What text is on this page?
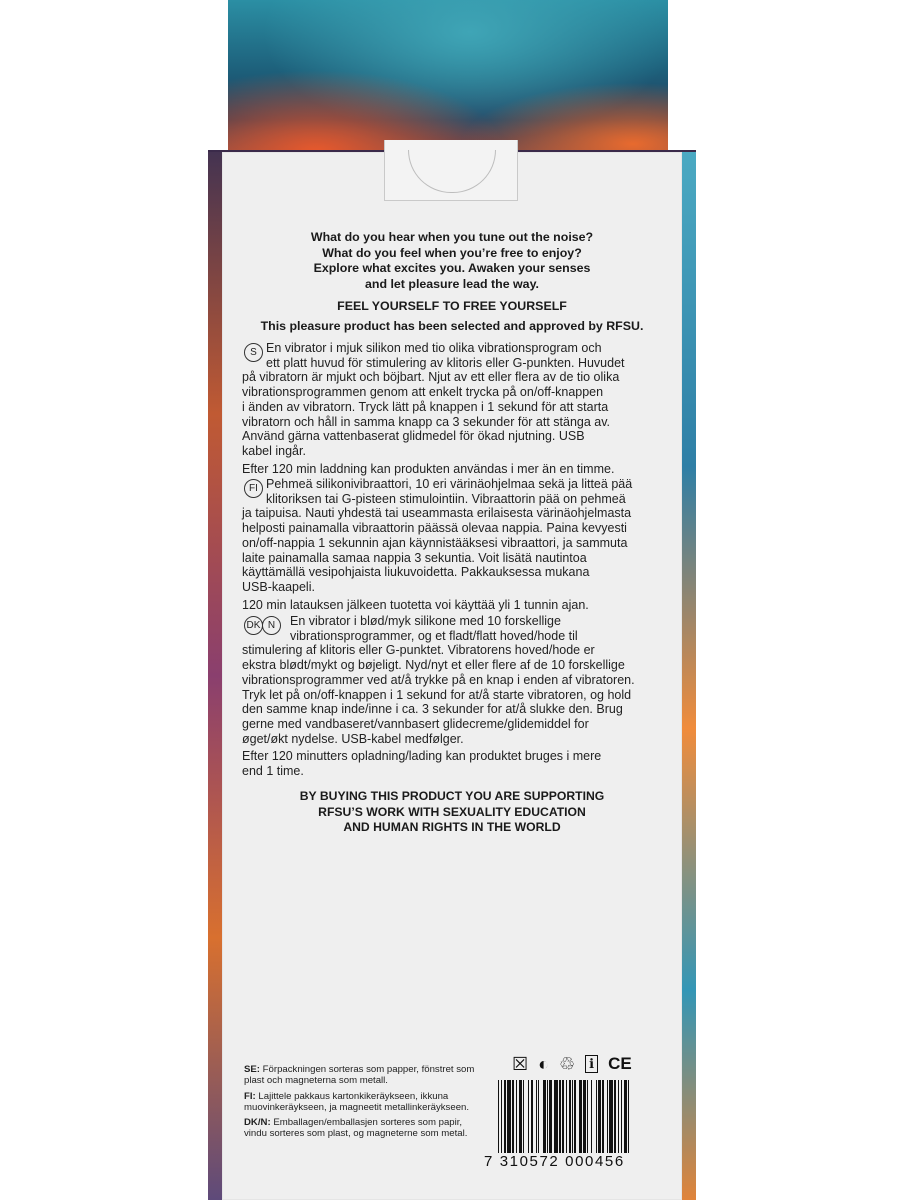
What do you hear when you tune out the noise?
What do you feel when you’re free to enjoy?
Explore what excites you. Awaken your senses
and let pleasure lead the way.
FEEL YOURSELF TO FREE YOURSELF
This pleasure product has been selected and approved by RFSU.
S En vibrator i mjuk silikon med tio olika vibrationsprogram och
ett platt huvud för stimulering av klitoris eller G-punkten. Huvudet
på vibratorn är mjukt och böjbart. Njut av ett eller flera av de tio olika
vibrationsprogrammen genom att enkelt trycka på on/off-knappen
i änden av vibratorn. Tryck lätt på knappen i 1 sekund för att starta
vibratorn och håll in samma knapp ca 3 sekunder för att stänga av.
Använd gärna vattenbaserat glidmedel för ökad njutning. USB
kabel ingår.
Efter 120 min laddning kan produkten användas i mer än en timme.
FI Pehmeä silikonivibraattori, 10 eri värinäohjelmaa sekä ja litteä pää
klitoriksen tai G-pisteen stimulointiin. Vibraattorin pää on pehmeä
ja taipuisa. Nauti yhdestä tai useammasta erilaisesta värinäohjelmasta
helposti painamalla vibraattorin päässä olevaa nappia. Paina kevyesti
on/off-nappia 1 sekunnin ajan käynnistääksesi vibraattori, ja sammuta
laite painamalla samaa nappia 3 sekuntia. Voit lisätä nautintoa
käyttämällä vesipohjaista liukuvoidetta. Pakkauksessa mukana
USB-kaapeli.
120 min latauksen jälkeen tuotetta voi käyttää yli 1 tunnin ajan.
DK N	En vibrator i blød/myk silikone med 10 forskellige
vibrationsprogrammer, og et fladt/flatt hoved/hode til
stimulering af klitoris eller G-punktet. Vibratorens hoved/hode er
ekstra blødt/mykt og bøjeligt. Nyd/nyt et eller flere af de 10 forskellige
vibrationsprogrammer ved at/å trykke på en knap i enden af vibratoren.
Tryk let på on/off-knappen i 1 sekund for at/å starte vibratoren, og hold
den samme knap inde/inne i ca. 3 sekunder for at/å slukke den. Brug
gerne med vandbaseret/vannbasert glidecreme/glidemiddel for
øget/økt nydelse. USB-kabel medfølger.
Efter 120 minutters opladning/lading kan produktet bruges i mere
end 1 time.
BY BUYING THIS PRODUCT YOU ARE SUPPORTING
RFSU’S WORK WITH SEXUALITY EDUCATION
AND HUMAN RIGHTS IN THE WORLD

SE: Förpackningen sorteras som papper, fönstret som plast och magneterna som metall.

FI: Lajittele pakkaus kartonkikeräykseen, ikkuna muovinkeräykseen, ja magneetit metallinkeräykseen.

DK/N: Emballagen/emballasjen sorteres som papir, vindu sorteres som plast, og magneterne som metal.

☒ ◐ ♲	ℹ CE
7 310572 000456
